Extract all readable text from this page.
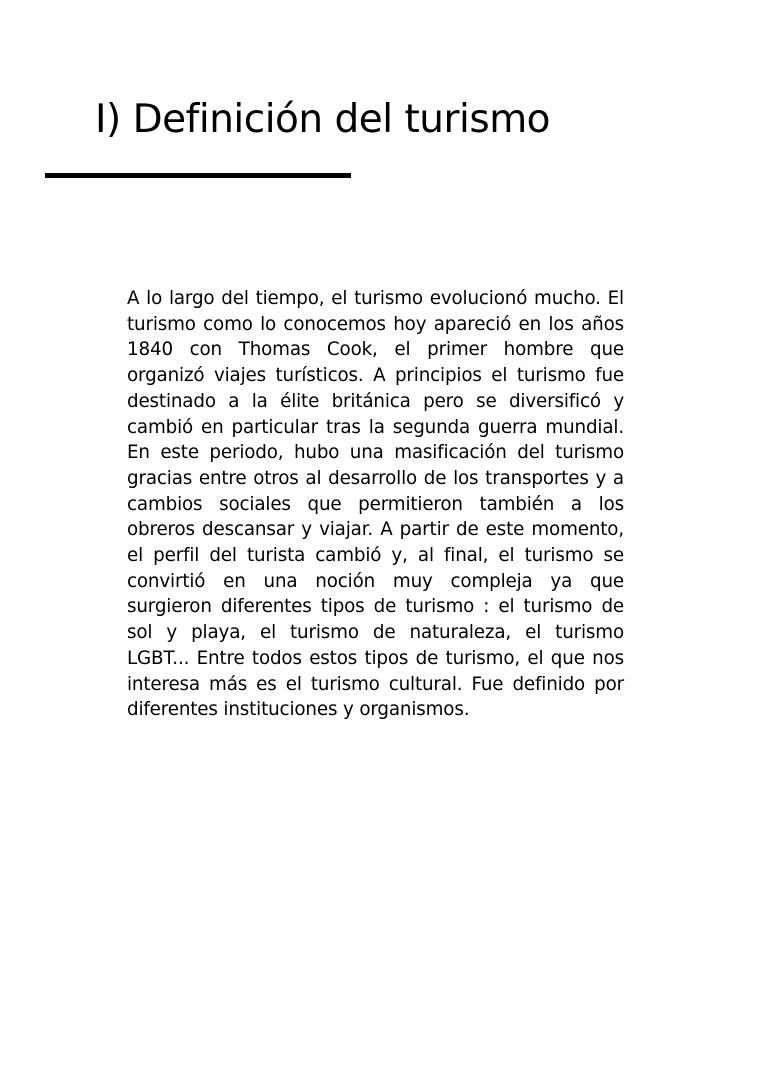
I) Definición del turismo

A lo largo del tiempo, el turismo evolucionó mucho. El turismo como lo conocemos hoy apareció en los años 1840 con Thomas Cook, el primer hombre que organizó viajes turísticos. A principios el turismo fue destinado a la élite británica pero se diversificó y cambió en particular tras la segunda guerra mundial. En este periodo, hubo una masificación del turismo gracias entre otros al desarrollo de los transportes y a cambios sociales que permitieron también a los obreros descansar y viajar. A partir de este momento, el perfil del turista cambió y, al final, el turismo se convirtió en una noción muy compleja ya que surgieron diferentes tipos de turismo : el turismo de sol y playa, el turismo de naturaleza, el turismo LGBT... Entre todos estos tipos de turismo, el que nos interesa más es el turismo cultural. Fue definido por diferentes instituciones y organismos.
